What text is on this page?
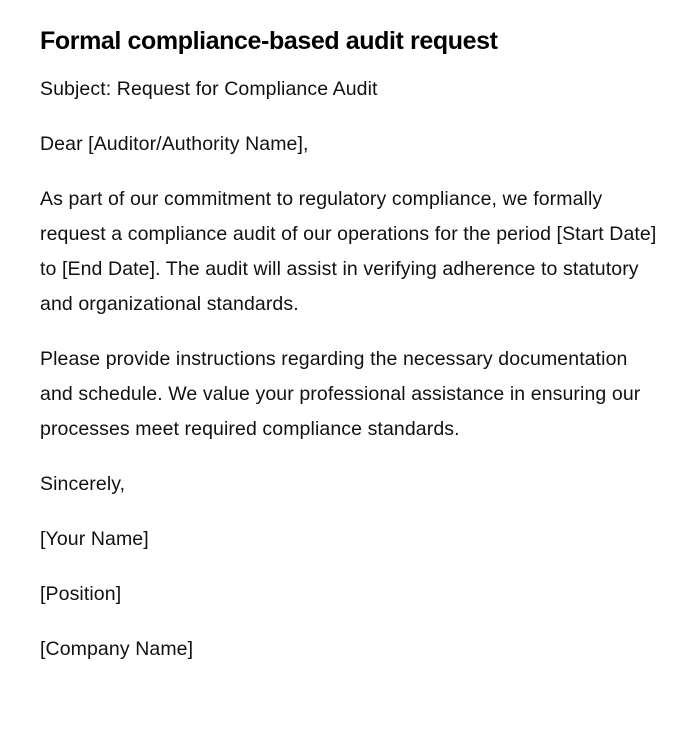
Formal compliance-based audit request

Subject: Request for Compliance Audit

Dear [Auditor/Authority Name],

As part of our commitment to regulatory compliance, we formally request a compliance audit of our operations for the period [Start Date] to [End Date]. The audit will assist in verifying adherence to statutory and organizational standards.

Please provide instructions regarding the necessary documentation and schedule. We value your professional assistance in ensuring our processes meet required compliance standards.

Sincerely,

[Your Name]

[Position]

[Company Name]
